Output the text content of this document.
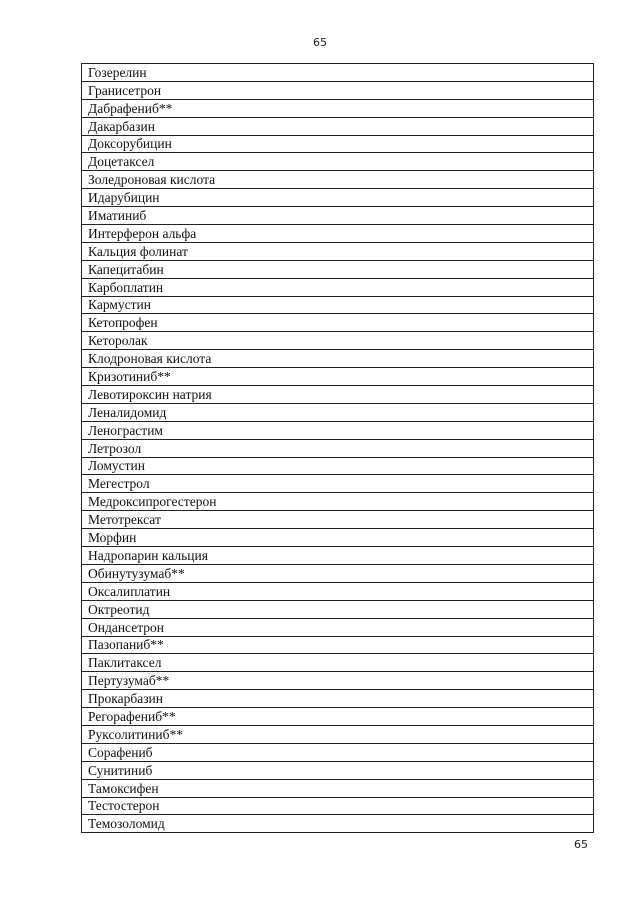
65
Гозерелин
Гранисетрон
Дабрафениб**
Дакарбазин
Доксорубицин
Доцетаксел
Золедроновая кислота
Идарубицин
Иматиниб
Интерферон альфа
Кальция фолинат
Капецитабин
Карбоплатин
Кармустин
Кетопрофен
Кеторолак
Клодроновая кислота
Кризотиниб**
Левотироксин натрия
Леналидомид
Ленограстим
Летрозол
Ломустин
Мегестрол
Медроксипрогестерон
Метотрексат
Морфин
Надропарин кальция
Обинутузумаб**
Оксалиплатин
Октреотид
Ондансетрон
Пазопаниб**
Паклитаксел
Пертузумаб**
Прокарбазин
Регорафениб**
Руксолитиниб**
Сорафениб
Сунитиниб
Тамоксифен
Тестостерон
Темозоломид
65
